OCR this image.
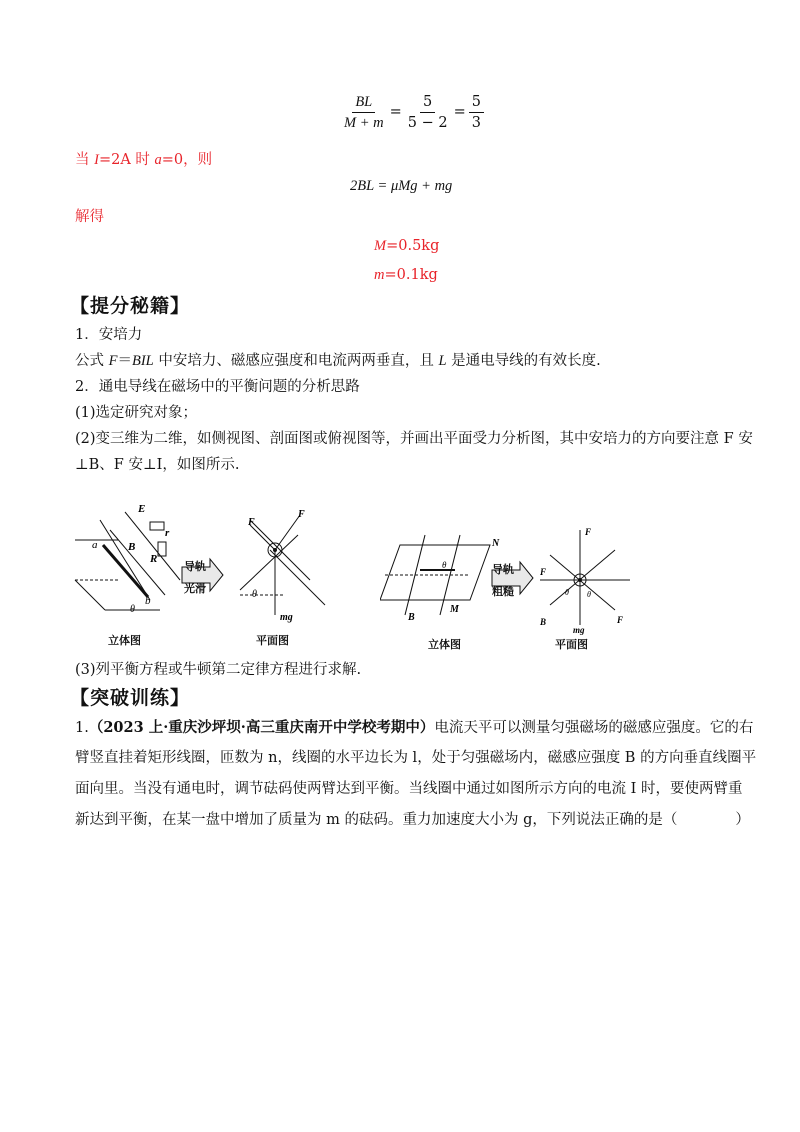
$\frac{BL}{M + m} = \frac{5}{5 - 2} = \frac{5}{3}$
当 I=2A 时 a=0，则
2BL = μMg + mg
解得
M=0.5kg
m=0.1kg
【提分秘籍】
1．安培力
公式 F＝BIL 中安培力、磁感应强度和电流两两垂直，且 L 是通电导线的有效长度.
2．通电导线在磁场中的平衡问题的分析思路
(1)选定研究对象；
(2)变三维为二维，如侧视图、剖面图或俯视图等，并画出平面受力分析图，其中安培力的方向要注意 F 安
⊥B、F 安⊥I，如图所示.
E
r
R
B
a
b
θ
立体图
导轨
光滑
F
F
mg
θ
平面图
N
M
B
θ
立体图
导轨
粗糙
F
F
B	F
mg
θ θ
平面图
(3)列平衡方程或牛顿第二定律方程进行求解.
【突破训练】
1.（2023 上·重庆沙坪坝·高三重庆南开中学校考期中）电流天平可以测量匀强磁场的磁感应强度。它的右
臂竖直挂着矩形线圈，匝数为 n，线圈的水平边长为 l，处于匀强磁场内，磁感应强度 B 的方向垂直线圈平
面向里。当没有通电时，调节砝码使两臂达到平衡。当线圈中通过如图所示方向的电流 I 时，要使两臂重
新达到平衡，在某一盘中增加了质量为 m 的砝码。重力加速度大小为 g，下列说法正确的是（　　　　）
